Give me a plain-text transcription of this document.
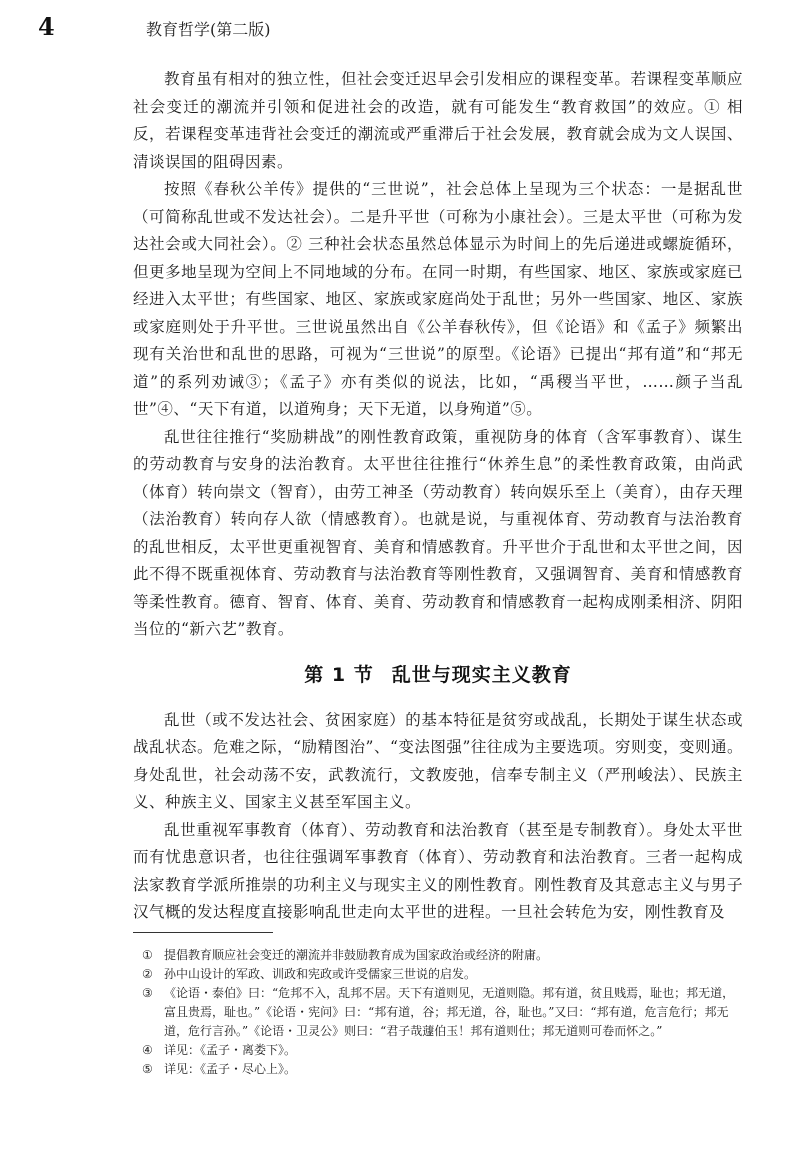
4	教育哲学(第二版)

教育虽有相对的独立性，但社会变迁迟早会引发相应的课程变革。若课程变革顺应社会变迁的潮流并引领和促进社会的改造，就有可能发生“教育救国”的效应。① 相反，若课程变革违背社会变迁的潮流或严重滞后于社会发展，教育就会成为文人误国、清谈误国的阻碍因素。

按照《春秋公羊传》提供的“三世说”，社会总体上呈现为三个状态：一是据乱世（可简称乱世或不发达社会）。二是升平世（可称为小康社会）。三是太平世（可称为发达社会或大同社会）。② 三种社会状态虽然总体显示为时间上的先后递进或螺旋循环，但更多地呈现为空间上不同地域的分布。在同一时期，有些国家、地区、家族或家庭已经进入太平世；有些国家、地区、家族或家庭尚处于乱世；另外一些国家、地区、家族或家庭则处于升平世。三世说虽然出自《公羊春秋传》，但《论语》和《孟子》频繁出现有关治世和乱世的思路，可视为“三世说”的原型。《论语》已提出“邦有道”和“邦无道”的系列劝诫③；《孟子》亦有类似的说法，比如，“禹稷当平世，……颜子当乱世”④、“天下有道，以道殉身；天下无道，以身殉道”⑤。

乱世往往推行“奖励耕战”的刚性教育政策，重视防身的体育（含军事教育）、谋生的劳动教育与安身的法治教育。太平世往往推行“休养生息”的柔性教育政策，由尚武（体育）转向崇文（智育），由劳工神圣（劳动教育）转向娱乐至上（美育），由存天理（法治教育）转向存人欲（情感教育）。也就是说，与重视体育、劳动教育与法治教育的乱世相反，太平世更重视智育、美育和情感教育。升平世介于乱世和太平世之间，因此不得不既重视体育、劳动教育与法治教育等刚性教育，又强调智育、美育和情感教育等柔性教育。德育、智育、体育、美育、劳动教育和情感教育一起构成刚柔相济、阴阳当位的“新六艺”教育。

第 1 节 乱世与现实主义教育

乱世（或不发达社会、贫困家庭）的基本特征是贫穷或战乱，长期处于谋生状态或战乱状态。危难之际，“励精图治”、“变法图强”往往成为主要选项。穷则变，变则通。身处乱世，社会动荡不安，武教流行，文教废弛，信奉专制主义（严刑峻法）、民族主义、种族主义、国家主义甚至军国主义。

乱世重视军事教育（体育）、劳动教育和法治教育（甚至是专制教育）。身处太平世而有忧患意识者，也往往强调军事教育（体育）、劳动教育和法治教育。三者一起构成法家教育学派所推崇的功利主义与现实主义的刚性教育。刚性教育及其意志主义与男子汉气概的发达程度直接影响乱世走向太平世的进程。一旦社会转危为安，刚性教育及

① 提倡教育顺应社会变迁的潮流并非鼓励教育成为国家政治或经济的附庸。
② 孙中山设计的军政、训政和宪政或许受儒家三世说的启发。
③ 《论语・泰伯》曰：“危邦不入，乱邦不居。天下有道则见，无道则隐。邦有道，贫且贱焉，耻也；邦无道，富且贵焉，耻也。”《论语・宪问》曰：“邦有道，谷；邦无道，谷，耻也。”又曰：“邦有道，危言危行；邦无道，危行言孙。”《论语・卫灵公》则曰：“君子哉蘧伯玉！邦有道则仕；邦无道则可卷而怀之。”
④ 详见：《孟子・离娄下》。
⑤ 详见：《孟子・尽心上》。
